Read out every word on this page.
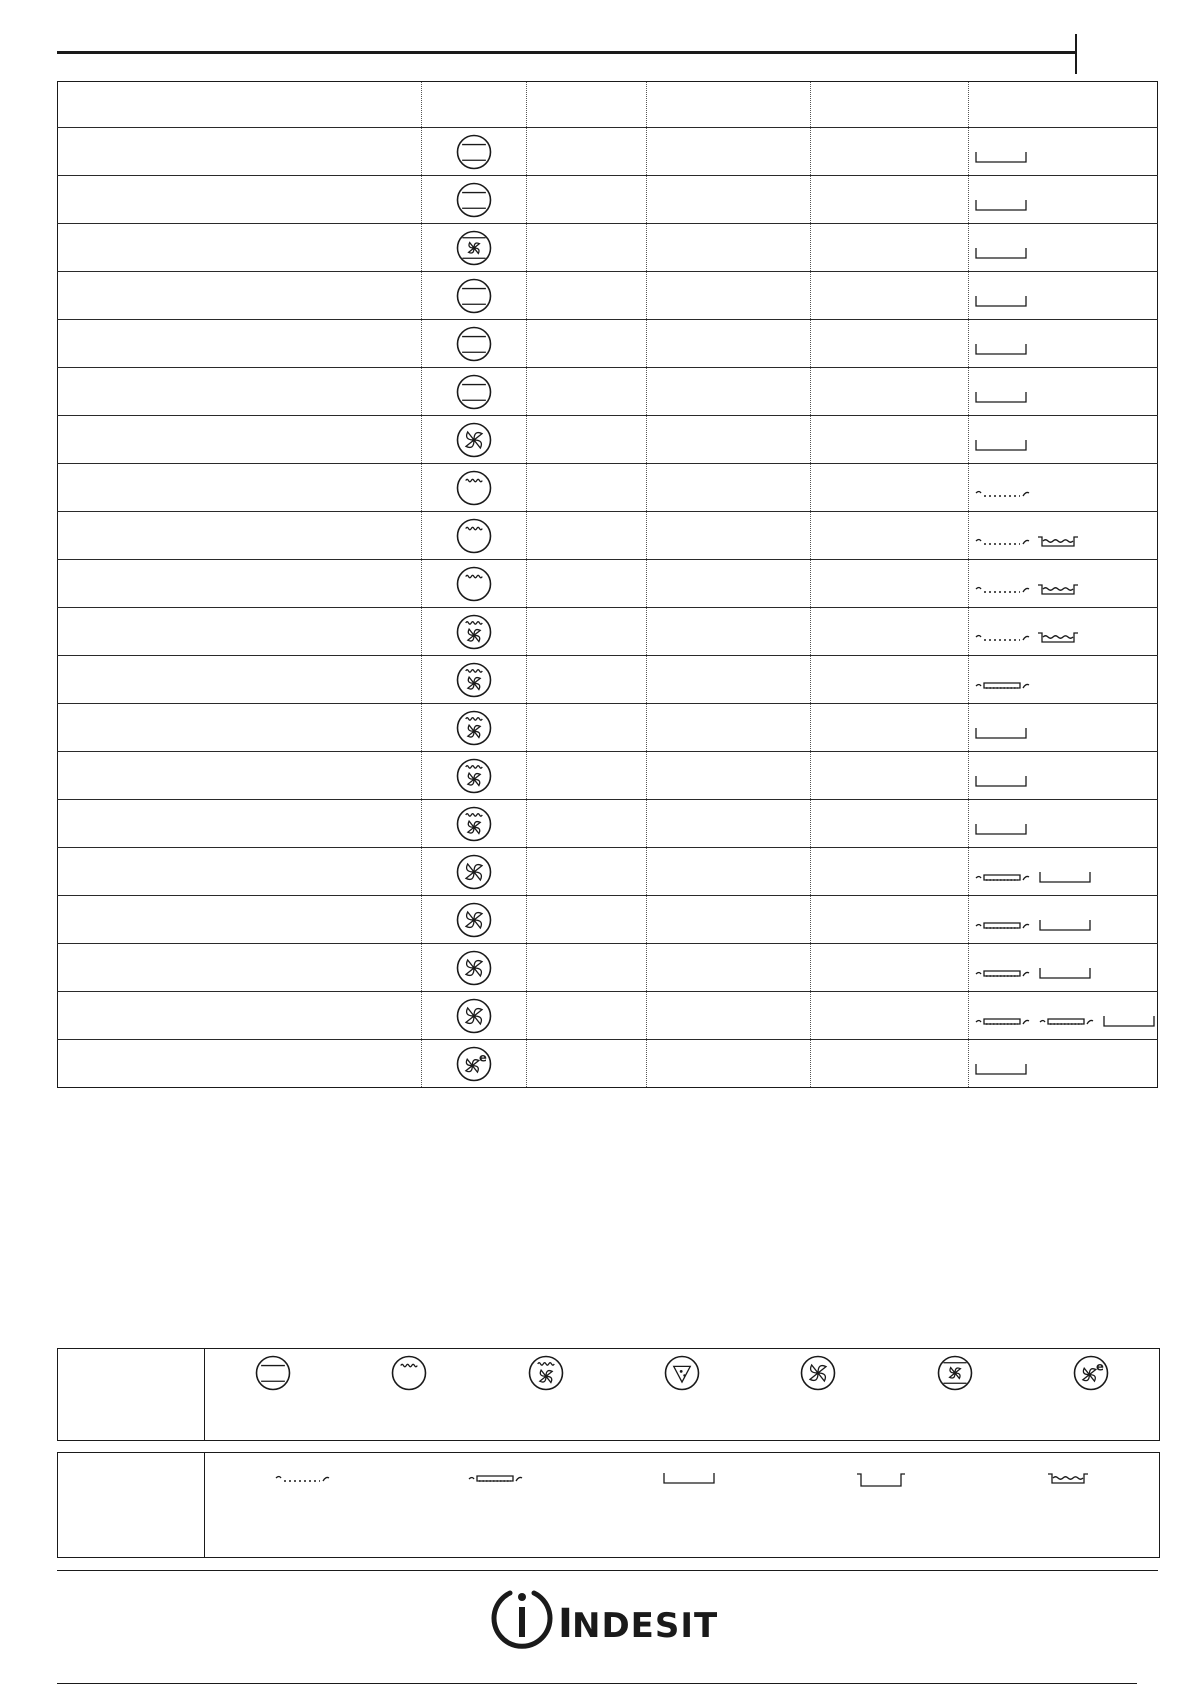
e

e
I NDESIT
